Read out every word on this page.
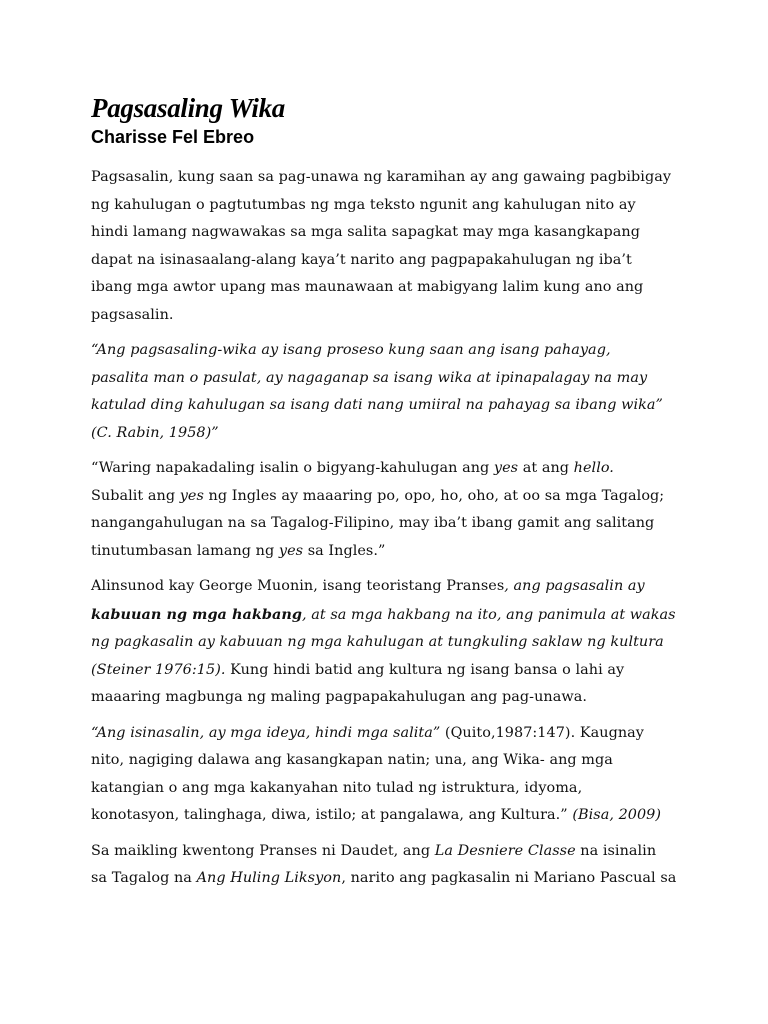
Pagsasaling Wika
Charisse Fel Ebreo

Pagsasalin, kung saan sa pag-unawa ng karamihan ay ang gawaing pagbibigay
ng kahulugan o pagtutumbas ng mga teksto ngunit ang kahulugan nito ay
hindi lamang nagwawakas sa mga salita sapagkat may mga kasangkapang
dapat na isinasaalang-alang kaya’t narito ang pagpapakahulugan ng iba’t
ibang mga awtor upang mas maunawaan at mabigyang lalim kung ano ang
pagsasalin.

“Ang pagsasaling-wika ay isang proseso kung saan ang isang pahayag,
pasalita man o pasulat, ay nagaganap sa isang wika at ipinapalagay na may
katulad ding kahulugan sa isang dati nang umiiral na pahayag sa ibang wika”
(C. Rabin, 1958)”

“Waring napakadaling isalin o bigyang-kahulugan ang yes at ang hello.
Subalit ang yes ng Ingles ay maaaring po, opo, ho, oho, at oo sa mga Tagalog;
nangangahulugan na sa Tagalog-Filipino, may iba’t ibang gamit ang salitang
tinutumbasan lamang ng yes sa Ingles.”

Alinsunod kay George Muonin, isang teoristang Pranses, ang pagsasalin ay
kabuuan ng mga hakbang, at sa mga hakbang na ito, ang panimula at wakas
ng pagkasalin ay kabuuan ng mga kahulugan at tungkuling saklaw ng kultura
(Steiner 1976:15). Kung hindi batid ang kultura ng isang bansa o lahi ay
maaaring magbunga ng maling pagpapakahulugan ang pag-unawa.

“Ang isinasalin, ay mga ideya, hindi mga salita” (Quito,1987:147). Kaugnay
nito, nagiging dalawa ang kasangkapan natin; una, ang Wika- ang mga
katangian o ang mga kakanyahan nito tulad ng istruktura, idyoma,
konotasyon, talinghaga, diwa, istilo; at pangalawa, ang Kultura.” (Bisa, 2009)

Sa maikling kwentong Pranses ni Daudet, ang La Desniere Classe na isinalin
sa Tagalog na Ang Huling Liksyon, narito ang pagkasalin ni Mariano Pascual sa
